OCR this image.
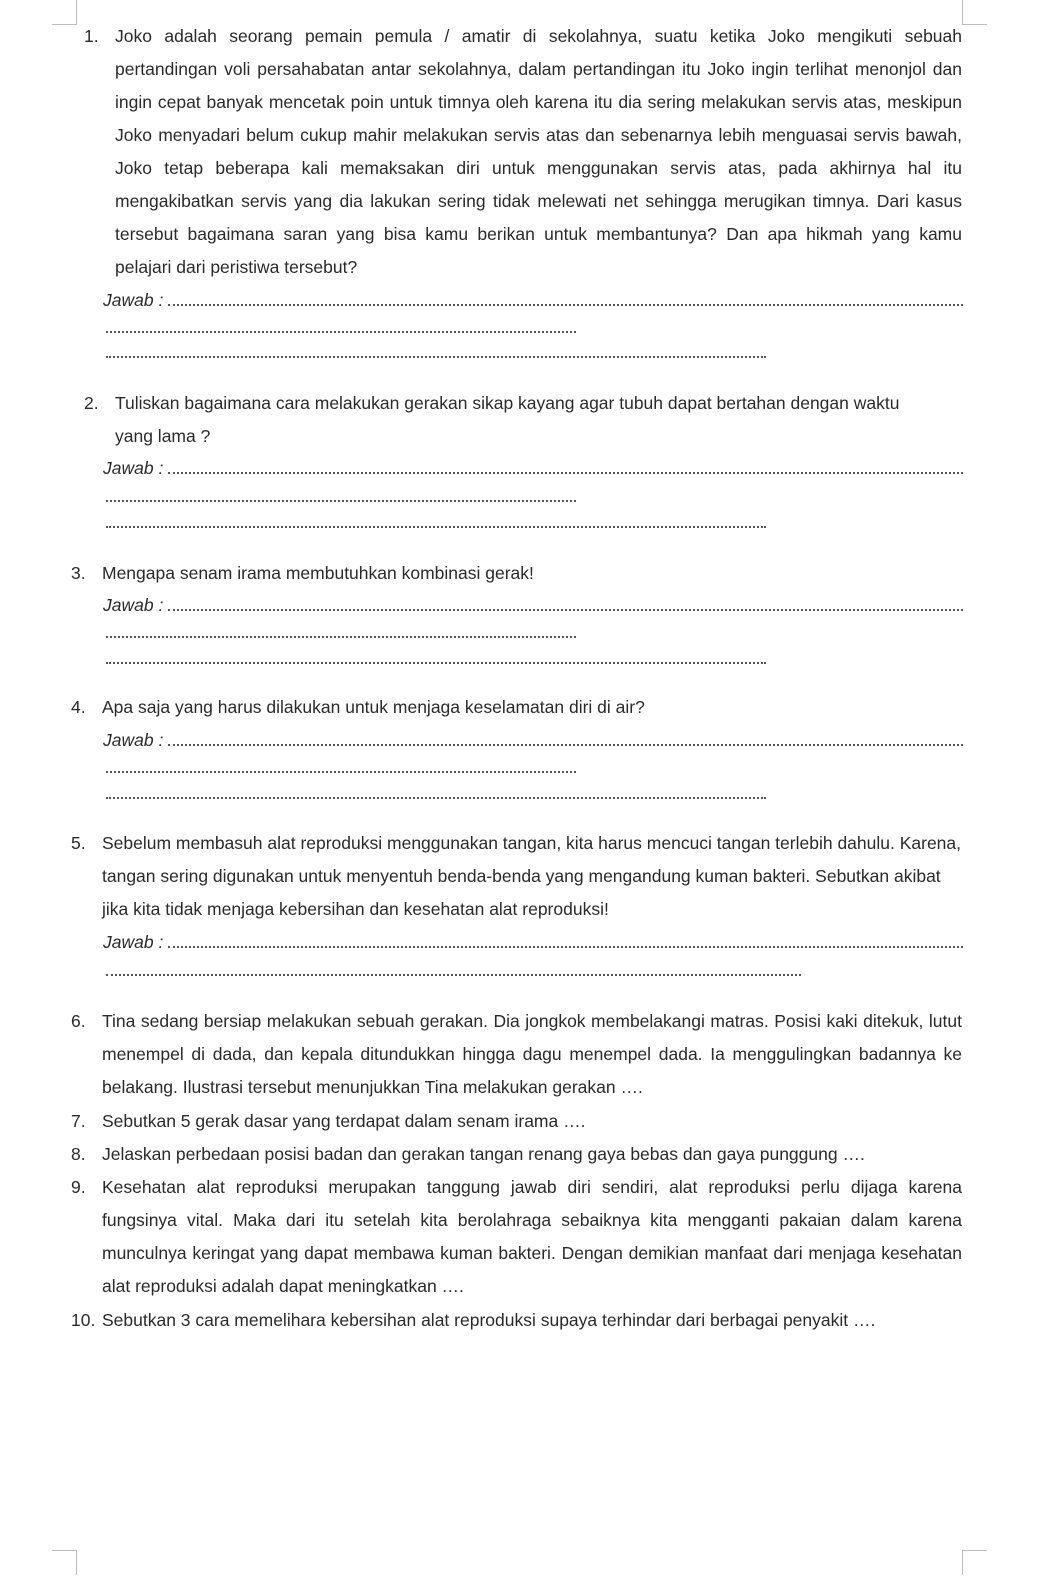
1. Joko adalah seorang pemain pemula / amatir di sekolahnya, suatu ketika Joko mengikuti sebuah pertandingan voli persahabatan antar sekolahnya, dalam pertandingan itu Joko ingin terlihat menonjol dan ingin cepat banyak mencetak poin untuk timnya oleh karena itu dia sering melakukan servis atas, meskipun Joko menyadari belum cukup mahir melakukan servis atas dan sebenarnya lebih menguasai servis bawah, Joko tetap beberapa kali memaksakan diri untuk menggunakan servis atas, pada akhirnya hal itu mengakibatkan servis yang dia lakukan sering tidak melewati net sehingga merugikan timnya. Dari kasus tersebut bagaimana saran yang bisa kamu berikan untuk membantunya? Dan apa hikmah yang kamu pelajari dari peristiwa tersebut?
Jawab :
2. Tuliskan bagaimana cara melakukan gerakan sikap kayang agar tubuh dapat bertahan dengan waktu yang lama ?
Jawab :
3. Mengapa senam irama membutuhkan kombinasi gerak!
Jawab :
4. Apa saja yang harus dilakukan untuk menjaga keselamatan diri di air?
Jawab :
5. Sebelum membasuh alat reproduksi menggunakan tangan, kita harus mencuci tangan terlebih dahulu. Karena, tangan sering digunakan untuk menyentuh benda-benda yang mengandung kuman bakteri. Sebutkan akibat jika kita tidak menjaga kebersihan dan kesehatan alat reproduksi!
Jawab :
6. Tina sedang bersiap melakukan sebuah gerakan. Dia jongkok membelakangi matras. Posisi kaki ditekuk, lutut menempel di dada, dan kepala ditundukkan hingga dagu menempel dada. Ia menggulingkan badannya ke belakang. Ilustrasi tersebut menunjukkan Tina melakukan gerakan ….
7. Sebutkan 5 gerak dasar yang terdapat dalam senam irama ….
8. Jelaskan perbedaan posisi badan dan gerakan tangan renang gaya bebas dan gaya punggung ….
9. Kesehatan alat reproduksi merupakan tanggung jawab diri sendiri, alat reproduksi perlu dijaga karena fungsinya vital. Maka dari itu setelah kita berolahraga sebaiknya kita mengganti pakaian dalam karena munculnya keringat yang dapat membawa kuman bakteri. Dengan demikian manfaat dari menjaga kesehatan alat reproduksi adalah dapat meningkatkan ….
10. Sebutkan 3 cara memelihara kebersihan alat reproduksi supaya terhindar dari berbagai penyakit ….
